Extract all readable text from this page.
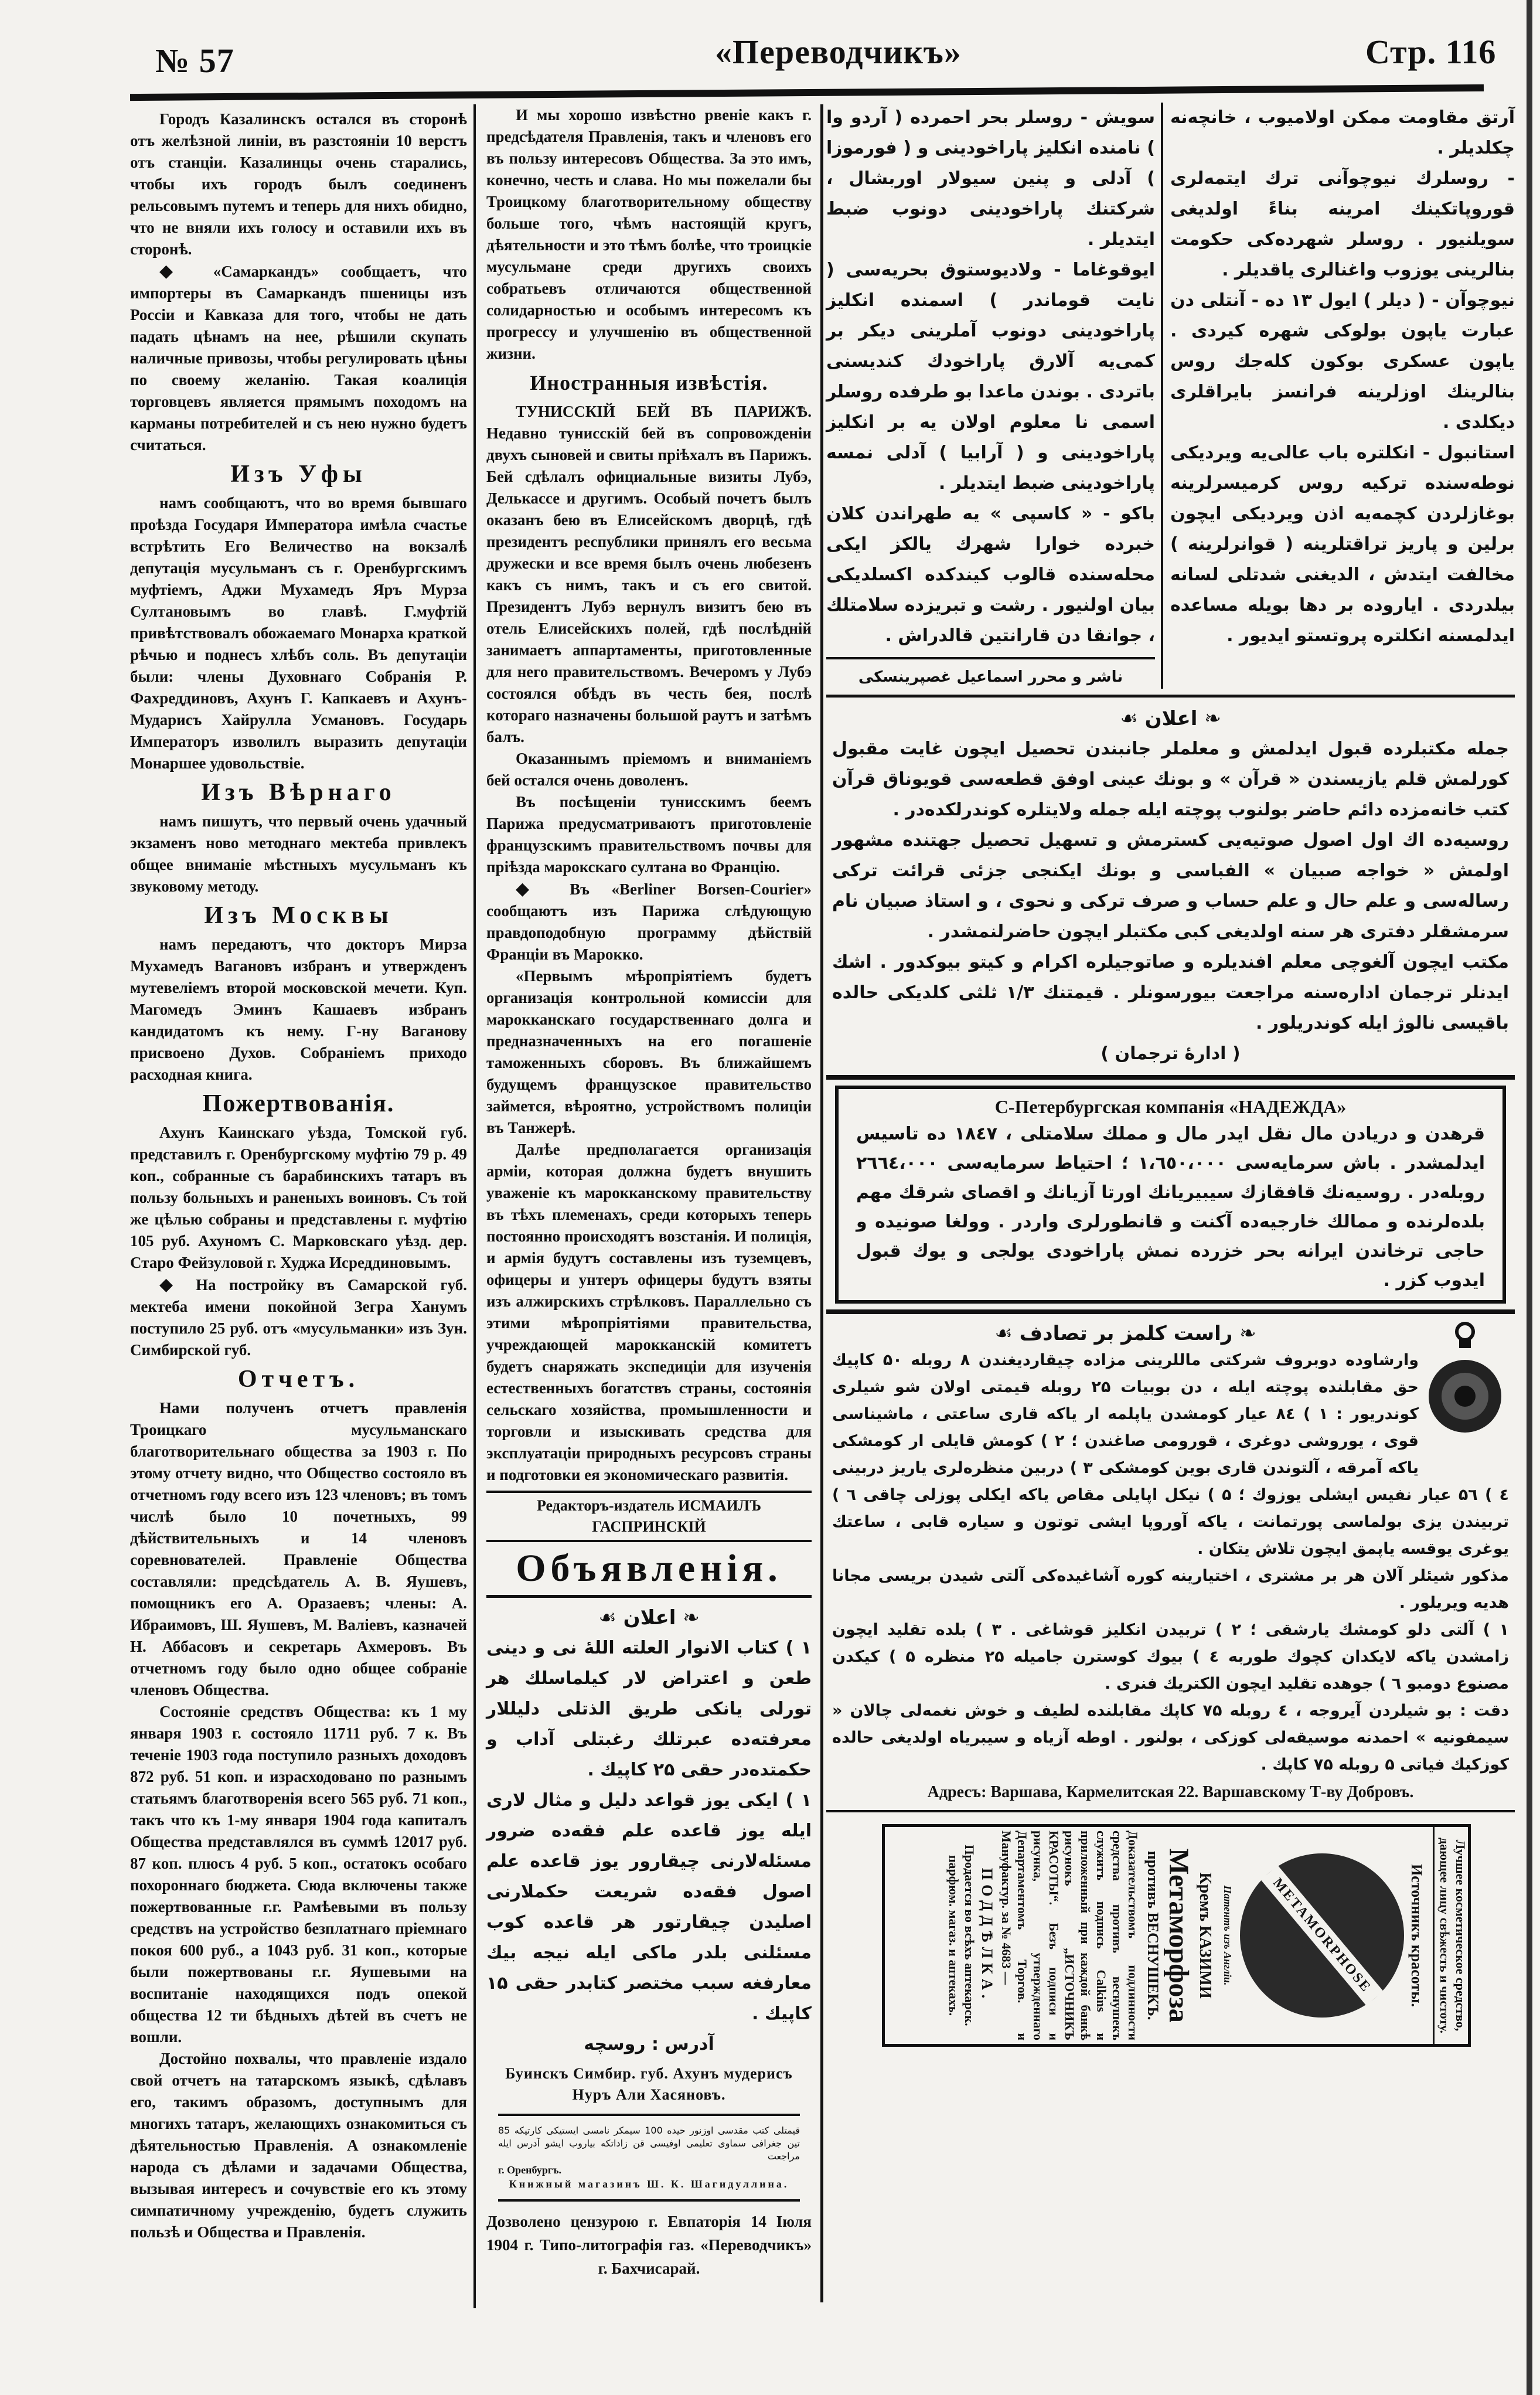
№ 57	«Переводчикъ»	Стр. 116

Городъ Казалинскъ остался въ сторонѣ отъ желѣзной линіи, въ разстояніи 10 верстъ отъ станціи. Казалинцы очень старались, чтобы ихъ городъ былъ соединенъ рельсовымъ путемъ и теперь для нихъ обидно, что не вняли ихъ голосу и оставили ихъ въ сторонѣ.

◆ «Самаркандъ» сообщаетъ, что импортеры въ Самаркандъ пшеницы изъ Россіи и Кавказа для того, чтобы не дать падать цѣнамъ на нее, рѣшили скупать наличные привозы, чтобы регулировать цѣны по своему желанію. Такая коалиція торговцевъ является прямымъ походомъ на карманы потребителей и съ нею нужно будетъ считаться.

Изъ Уфы

намъ сообщаютъ, что во время бывшаго проѣзда Государя Императора имѣла счастье встрѣтить Его Величество на вокзалѣ депутація мусульманъ съ г. Оренбургскимъ муфтіемъ, Аджи Мухамедъ Яръ Мурза Султановымъ во главѣ. Г.муфтій привѣтствовалъ обожаемаго Монарха краткой рѣчью и поднесъ хлѣбъ соль. Въ депутаціи были: члены Духовнаго Собранія Р. Фахреддиновъ, Ахунъ Г. Капкаевъ и Ахунъ-Мударисъ Хайрулла Усмановъ. Государь Императоръ изволилъ выразить депутаціи Монаршее удовольствіе.

Изъ Вѣрнаго

намъ пишутъ, что первый очень удачный экзаменъ ново методнаго мектеба привлекъ общее вниманіе мѣстныхъ мусульманъ къ звуковому методу.

Изъ Москвы

намъ передаютъ, что докторъ Мирза Мухамедъ Вагановъ избранъ и утвержденъ мутевеліемъ второй московской мечети. Куп. Магомедъ Эминъ Кашаевъ избранъ кандидатомъ къ нему. Г-ну Ваганову присвоено Духов. Собраніемъ приходо расходная книга.

Пожертвованія.

Ахунъ Каинскаго уѣзда, Томской губ. представилъ г. Оренбургскому муфтію 79 р. 49 коп., собранные съ барабинскихъ татаръ въ пользу больныхъ и раненыхъ воиновъ. Съ той же цѣлью собраны и представлены г. муфтію 105 руб. Ахуномъ С. Марковскаго уѣзд. дер. Старо Фейзуловой г. Худжа Исреддиновымъ.

◆ На постройку въ Самарской губ. мектеба имени покойной Зегра Ханумъ поступило 25 руб. отъ «мусульманки» изъ Зун. Симбирской губ.

Отчетъ.

Нами полученъ отчетъ правленія Троицкаго мусульманскаго благотворительнаго общества за 1903 г. По этому отчету видно, что Общество состояло въ отчетномъ году всего изъ 123 членовъ; въ томъ числѣ было 10 почетныхъ, 99 дѣйствительныхъ и 14 членовъ соревнователей. Правленіе Общества составляли: предсѣдатель А. В. Яушевъ, помощникъ его А. Оразаевъ; члены: А. Ибраимовъ, Ш. Яушевъ, М. Валіевъ, казначей Н. Аббасовъ и секретарь Ахмеровъ. Въ отчетномъ году было одно общее собраніе членовъ Общества.

Состояніе средствъ Общества: къ 1 му января 1903 г. состояло 11711 руб. 7 к. Въ теченіе 1903 года поступило разныхъ доходовъ 872 руб. 51 коп. и израсходовано по разнымъ статьямъ благотворенія всего 565 руб. 71 коп., такъ что къ 1-му января 1904 года капиталъ Общества представлялся въ суммѣ 12017 руб. 87 коп. плюсъ 4 руб. 5 коп., остатокъ особаго похороннаго бюджета. Сюда включены также пожертвованные г.г. Рамѣевыми въ пользу средствъ на устройство безплатнаго пріемнаго покоя 600 руб., а 1043 руб. 31 коп., которые были пожертвованы г.г. Яушевыми на воспитаніе находящихся подъ опекой общества 12 ти бѣдныхъ дѣтей въ счетъ не вошли.

Достойно похвалы, что правленіе издало свой отчетъ на татарскомъ языкѣ, сдѣлавъ его, такимъ образомъ, доступнымъ для многихъ татаръ, желающихъ ознакомиться съ дѣятельностью Правленія. А ознакомленіе народа съ дѣлами и задачами Общества, вызывая интересъ и сочувствіе его къ этому симпатичному учрежденію, будетъ служить пользѣ и Общества и Правленія.

И мы хорошо извѣстно рвеніе какъ г. предсѣдателя Правленія, такъ и членовъ его въ пользу интересовъ Общества. За это имъ, конечно, честь и слава. Но мы пожелали бы Троицкому благотворительному обществу больше того, чѣмъ настоящій кругъ, дѣятельности и это тѣмъ болѣе, что троицкіе мусульмане среди другихъ своихъ собратьевъ отличаются общественной солидарностью и особымъ интересомъ къ прогрессу и улучшенію въ общественной жизни.

Иностранныя извѣстія.

ТУНИССКІЙ БЕЙ ВЪ ПАРИЖѢ. Недавно тунисскій бей въ сопровожденіи двухъ сыновей и свиты пріѣхалъ въ Парижъ. Бей сдѣлалъ официальные визиты Лубэ, Делькассе и другимъ. Особый почетъ былъ оказанъ бею въ Елисейскомъ дворцѣ, гдѣ президентъ республики принялъ его весьма дружески и все время былъ очень любезенъ какъ съ нимъ, такъ и съ его свитой. Президентъ Лубэ вернулъ визитъ бею въ отель Елисейскихъ полей, гдѣ послѣдній занимаетъ аппартаменты, приготовленные для него правительствомъ. Вечеромъ у Лубэ состоялся обѣдъ въ честь бея, послѣ котораго назначены большой раутъ и затѣмъ балъ.

Оказаннымъ пріемомъ и вниманіемъ бей остался очень доволенъ.

Въ посѣщеніи тунисскимъ беемъ Парижа предусматриваютъ приготовленіе французскимъ правительствомъ почвы для пріѣзда марокскаго султана во Францію.

◆ Въ «Berliner Borsen-Courier» сообщаютъ изъ Парижа слѣдующую правдоподобную программу дѣйствій Франціи въ Марокко.

«Первымъ мѣропріятіемъ будетъ организація контрольной комиссіи для марокканскаго государственнаго долга и предназначенныхъ на его погашеніе таможенныхъ сборовъ. Въ ближайшемъ будущемъ французское правительство займется, вѣроятно, устройствомъ полиціи въ Танжерѣ.

Далѣе предполагается организація арміи, которая должна будетъ внушить уваженіе къ марокканскому правительству въ тѣхъ племенахъ, среди которыхъ теперь постоянно происходятъ возстанія. И полиція, и армія будутъ составлены изъ туземцевъ, офицеры и унтеръ офицеры будутъ взяты изъ алжирскихъ стрѣлковъ. Параллельно съ этими мѣропріятіями правительства, учреждающей марокканскій комитетъ будетъ снаряжать экспедиціи для изученія естественныхъ богатствъ страны, состоянія сельскаго хозяйства, промышленности и торговли и изыскивать средства для эксплуатаціи природныхъ ресурсовъ страны и подготовки ея экономическаго развитія.

Редакторъ-издатель ИСМАИЛЪ ГАСПРИНСКІЙ
Объявленія.
❧ اعلان ☙

۱ ) کتاب الانوار العلته اللهٔ نی و دینی طعن و اعتراض لار کیلماسلك هر تورلی یانکی طریق الذتلی دلیللار معرفته‌ده عبرتلك رغبتلی آداب و حکمتده‌در حقی ۲۵ کاپیك .

۱ ) ایکی یوز قواعد دلیل و مثال لاری ایله یوز قاعده علم فقه‌ده ضرور مسئله‌لارنی چیقارور یوز قاعده علم اصول فقه‌ده شریعت حکملارنی اصلیدن چیقارتور هر قاعده کوب مسئلنی بلدر ماکی ایله نیجه بیك معارفغه سبب مختصر کتابدر حقی ۱۵ کاپیك .

آدرس : روسچه

Буинскъ Симбир. губ. Ахунъ мудерисъ Нуръ Али Хасяновъ.
قیمتلی کتب مقدسی اوزنور حیده 100 سیمکر نامسی ایستیکی کارتیکه 85 تین جغرافی سماوی تعلیمی اوفیسی قن زاداتکه بیاروب ایشو آدرس ایله مراجعت
г. Оренбургъ.
Книжный магазинъ Ш. К. Шагидуллина.
Дозволено цензурою г. Евпаторія 14 Іюля 1904 г. Типо-литографія газ. «Переводчикъ» г. Бахчисарай.

سویش - روسلر بحر احمرده ( آردو وا ) نامنده انکلیز پاراخودینی و ( فورموزا ) آدلی و پنین سیولار اوربشال ، شرکتنك پاراخودینی دونوب ضبط ایتدیلر .

ایوقوغاما - ولادیوستوق بحریه‌سی ( نایت قوماندر ) اسمنده انکلیز پاراخودینی دونوب آملرینی دیکر بر کمی‌یه آلارق پاراخودك کندیسنی باتردی . بوندن ماعدا بو طرفده روسلر اسمی نا معلوم اولان یه بر انکلیز پاراخودینی و ( آرابیا ) آدلی نمسه پاراخودینی ضبط ایتدیلر .

باکو - « کاسپی » یه طهراندن کلان خبرده خوارا شهرك یالکز ایکی محله‌سنده قالوب کیندکده اکسلدیکی بیان اولنیور . رشت و تبریزده سلامتلك ، جوانقا دن قارانتین قالدراش .

ناشر و محرر اسماعیل غصپرینسکی

آرتق مقاومت ممکن اولامیوب ، خانچه‌نه چکلدیلر .

- روسلرك نیوچوآنی ترك ایتمه‌لری قوروپاتکینك امرینه بناءً اولدیغی سویلنیور . روسلر شهرده‌کی حکومت بنالرینی یوزوب واغنالری یاقدیلر .

نیوچوآن - ( دیلر ) ایول ۱۳ ده - آنتلی دن عبارت یاپون بولوکی شهره کیردی . یاپون عسکری بوکون کله‌جك روس بنالرینك اوزلرینه فرانسز بایراقلری دیکلدی .

استانبول - انکلتره باب عالی‌یه ویردیکی نوطه‌سنده ترکیه روس کرمیسرلرینه بوغازلردن کچمه‌یه اذن ویردیکی ایچون برلین و پاریز تراقتلرینه ( قوانرلرینه ) مخالفت ایتدش ، الدیغنی شدتلی لسانه بیلدردی . ایاروده بر دها بویله مساعده ایدلمسنه انکلتره پروتستو ایدیور .

❧ اعلان ☙

جمله مکتبلرده قبول ایدلمش و معلملر جانبندن تحصیل ایچون غایت مقبول کورلمش قلم یازیسندن « قرآن » و بونك عینی اوفق قطعه‌سی قویوناق قرآن کتب خانه‌مزده دائم حاضر بولنوب پوچته ایله جمله ولایتلره کوندرلکده‌در .

روسیه‌ده اك اول اصول صوتیه‌یی کسترمش و تسهیل تحصیل جهتنده مشهور اولمش « خواجه صبیان » الفباسی و بونك ایکنجی جزئی قرائت ترکی رساله‌سی و علم حال و علم حساب و صرف ترکی و نحوی ، و استاذ صبیان نام سرمشقلر دفتری هر سنه اولدیغی کبی مکتبلر ایچون حاضرلنمشدر .

مکتب ایچون آلغوچی معلم افندیلره و صاتوجیلره اکرام و کیتو بیوکدور . اشك ایدنلر ترجمان اداره‌سنه مراجعت بیورسونلر . قیمتنك ۱/۳ ثلثی کلدیکی حالده باقیسی نالوژ ایله کوندریلور .

( ادارهٔ ترجمان )

С-Петербургская компанія «НАДЕЖДА»
قرهدن و دریادن مال نقل ایدر مال و مملك سلامتلی ، ۱۸٤۷ ده تاسیس ایدلمشدر . باش سرمایه‌سی ۱،٦٥٠،٠٠٠ ؛ احتیاط سرمایه‌سی ۲٦٦٤،٠٠٠ روبله‌در . روسیه‌نك قافقازك سیبیریانك اورتا آزیانك و اقصای شرقك مهم بلده‌لرنده و ممالك خارجیه‌ده آکنت و قانطورلری واردر . وولغا صونیده و حاجی ترخاندن ایرانه بحر خزرده نمش پاراخودی یولجی و یوك قبول ایدوب کزر .
❧ راست کلمز بر تصادف ☙

وارشاوده دوبروف شرکتی ماللرینی مزاده چیقاردیغندن ۸ روبله ۵۰ کاپیك حق مقابلنده پوچته ایله ، دن بوبیات ۲۵ روبله قیمتی اولان شو شیلری کوندریور : ۱ ) ۸٤ عیار کومشدن یاپلمه ار یاکه قاری ساعتی ، ماشیناسی قوی ، یوروشی دوغری ، قورومی صاغندن ؛ ۲ ) کومش قایلی ار کومشکی یاکه آمرقه ، آلتوندن قاری بوین کومشکی ۳ ) دربین منظره‌لری یاریز دربینی ٤ ) ۵٦ عیار نفیس ایشلی یوزوك ؛ ۵ ) نیکل اپایلی مقاص یاکه ایکلی پوزلی چاقی ٦ ) تربیندن یزی بولماسی پورتمانت ، یاکه آوروپا ایشی توتون و سیاره قابی ، ساعتك یوغری یوقسه یاپمق ایچون تلاش یتکان .

مذکور شیئلر آلان هر بر مشتری ، اختیارینه کوره آشاغیده‌کی آلتی شیدن بریسی مجانا هدیه ویریلور .

۱ ) آلتی دلو کومشك یارشقی ؛ ۲ ) تربیدن انکلیز قوشاغی . ۳ ) بلده تقلید ایچون زامشدن یاکه لایکدان کچوك طوربه ٤ ) بیوك کوسترن جامیله ۲۵ منظره ۵ ) کیکدن مصنوع دومبو ٦ ) جوهده تقلید ایچون الکتریك فنری .

دقت : بو شیلردن آیروجه ، ٤ روبله ۷۵ کاپك مقابلنده لطیف و خوش نغمه‌لی چالان « سیمفونیه » احمدنه موسیقه‌لی کوزکی ، بولنور . اوطه آزیاه و سیبریاه اولدیغی حالده کوزکیك فیاتی ۵ روبله ۷۵ کاپك .

Адресъ: Варшава, Кармелитская 22. Варшавскому Т-ву Добровъ.
Лучшее косметическое средство, дающее лицу свѣжесть и чистоту.
Источникъ красоты.
METAMORPHOSE
Патентъ изъ Англіи.
Кремъ КАЗИМИ
Метаморфоза
противъ ВЕСНУШЕКЪ.
Доказательствомъ подлинности средства противъ веснушекъ служитъ подпись Calkins и приложенный при каждой банкѣ рисунокъ „ИСТОЧНИКЪ КРАСОТЫ“. Безъ подписи и рисунка, утвержденнаго Департаментомъ Торгов. и Мануфактур. за № 4683 —
ПОДДѢЛКА.
Продается во всѣхъ аптекарск. парфюм. магаз. и аптекахъ.
